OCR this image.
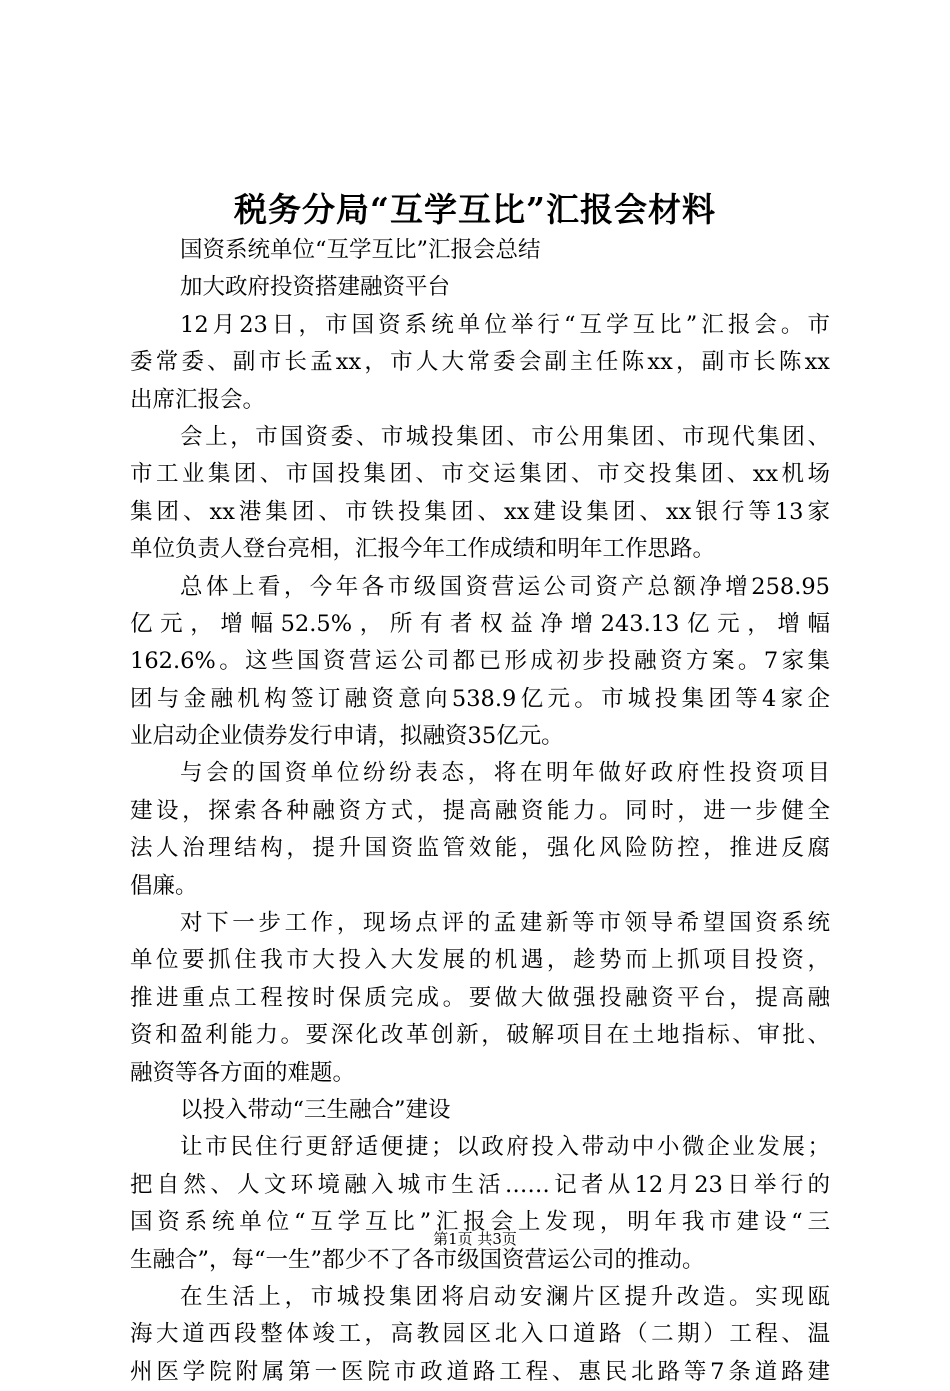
税务分局“互学互比”汇报会材料
国资系统单位“互学互比”汇报会总结
加大政府投资搭建融资平台
12月23日，市国资系统单位举行“互学互比”汇报会。市
委常委、副市长孟xx，市人大常委会副主任陈xx，副市长陈xx
出席汇报会。
会上，市国资委、市城投集团、市公用集团、市现代集团、
市工业集团、市国投集团、市交运集团、市交投集团、xx机场
集团、xx港集团、市铁投集团、xx建设集团、xx银行等13家
单位负责人登台亮相，汇报今年工作成绩和明年工作思路。
总体上看，今年各市级国资营运公司资产总额净增258.95
亿元，增幅52.5%，所有者权益净增243.13亿元，增幅
162.6%。这些国资营运公司都已形成初步投融资方案。7家集
团与金融机构签订融资意向538.9亿元。市城投集团等4家企
业启动企业债券发行申请，拟融资35亿元。
与会的国资单位纷纷表态，将在明年做好政府性投资项目
建设，探索各种融资方式，提高融资能力。同时，进一步健全
法人治理结构，提升国资监管效能，强化风险防控，推进反腐
倡廉。
对下一步工作，现场点评的孟建新等市领导希望国资系统
单位要抓住我市大投入大发展的机遇，趁势而上抓项目投资，
推进重点工程按时保质完成。要做大做强投融资平台，提高融
资和盈利能力。要深化改革创新，破解项目在土地指标、审批、
融资等各方面的难题。
以投入带动“三生融合”建设
让市民住行更舒适便捷；以政府投入带动中小微企业发展；
把自然、人文环境融入城市生活……记者从12月23日举行的
国资系统单位“互学互比”汇报会上发现，明年我市建设“三
生融合”，每“一生”都少不了各市级国资营运公司的推动。
在生活上，市城投集团将启动安澜片区提升改造。实现瓯
海大道西段整体竣工，高教园区北入口道路（二期）工程、温
州医学院附属第一医院市政道路工程、惠民北路等7条道路建
第1页 共3页
